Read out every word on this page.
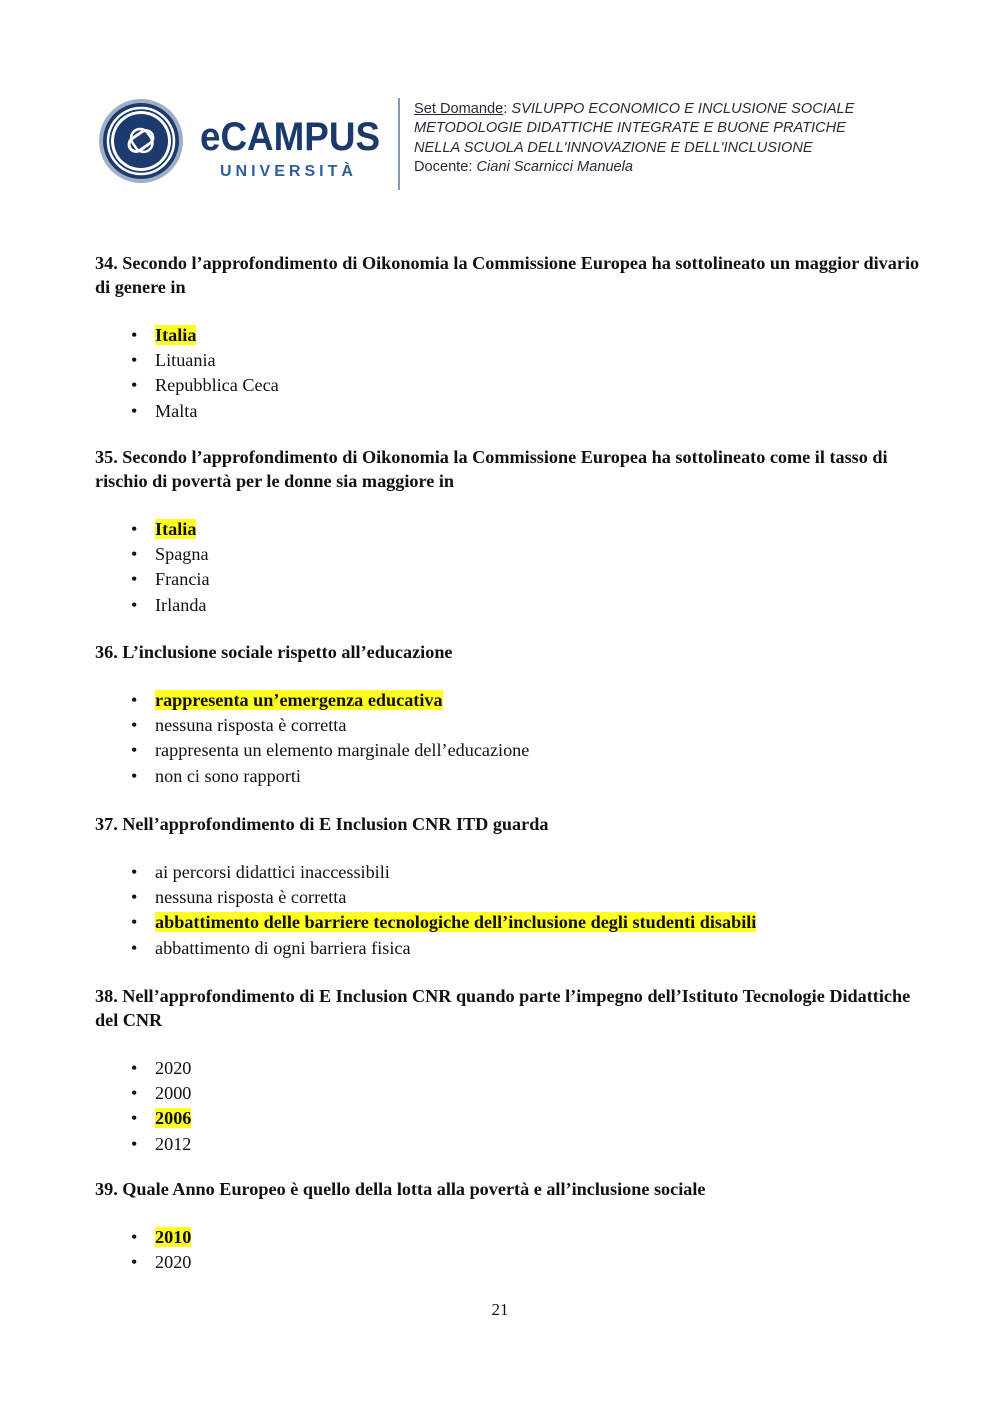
eCAMPUS
UNIVERSITÀ
Set Domande: SVILUPPO ECONOMICO E INCLUSIONE SOCIALE
METODOLOGIE DIDATTICHE INTEGRATE E BUONE PRATICHE
NELLA SCUOLA DELL'INNOVAZIONE E DELL'INCLUSIONE
Docente: Ciani Scarnicci Manuela

34. Secondo l’approfondimento di Oikonomia la Commissione Europea ha sottolineato un maggior divario di genere in

• Italia
• Lituania
• Repubblica Ceca
• Malta

35. Secondo l’approfondimento di Oikonomia la Commissione Europea ha sottolineato come il tasso di rischio di povertà per le donne sia maggiore in

• Italia
• Spagna
• Francia
• Irlanda

36. L’inclusione sociale rispetto all’educazione

• rappresenta un’emergenza educativa
• nessuna risposta è corretta
• rappresenta un elemento marginale dell’educazione
• non ci sono rapporti

37. Nell’approfondimento di E Inclusion CNR ITD guarda

• ai percorsi didattici inaccessibili
• nessuna risposta è corretta
• abbattimento delle barriere tecnologiche dell’inclusione degli studenti disabili
• abbattimento di ogni barriera fisica

38. Nell’approfondimento di E Inclusion CNR quando parte l’impegno dell’Istituto Tecnologie Didattiche del CNR

• 2020
• 2000
• 2006
• 2012

39. Quale Anno Europeo è quello della lotta alla povertà e all’inclusione sociale

• 2010
• 2020
21
